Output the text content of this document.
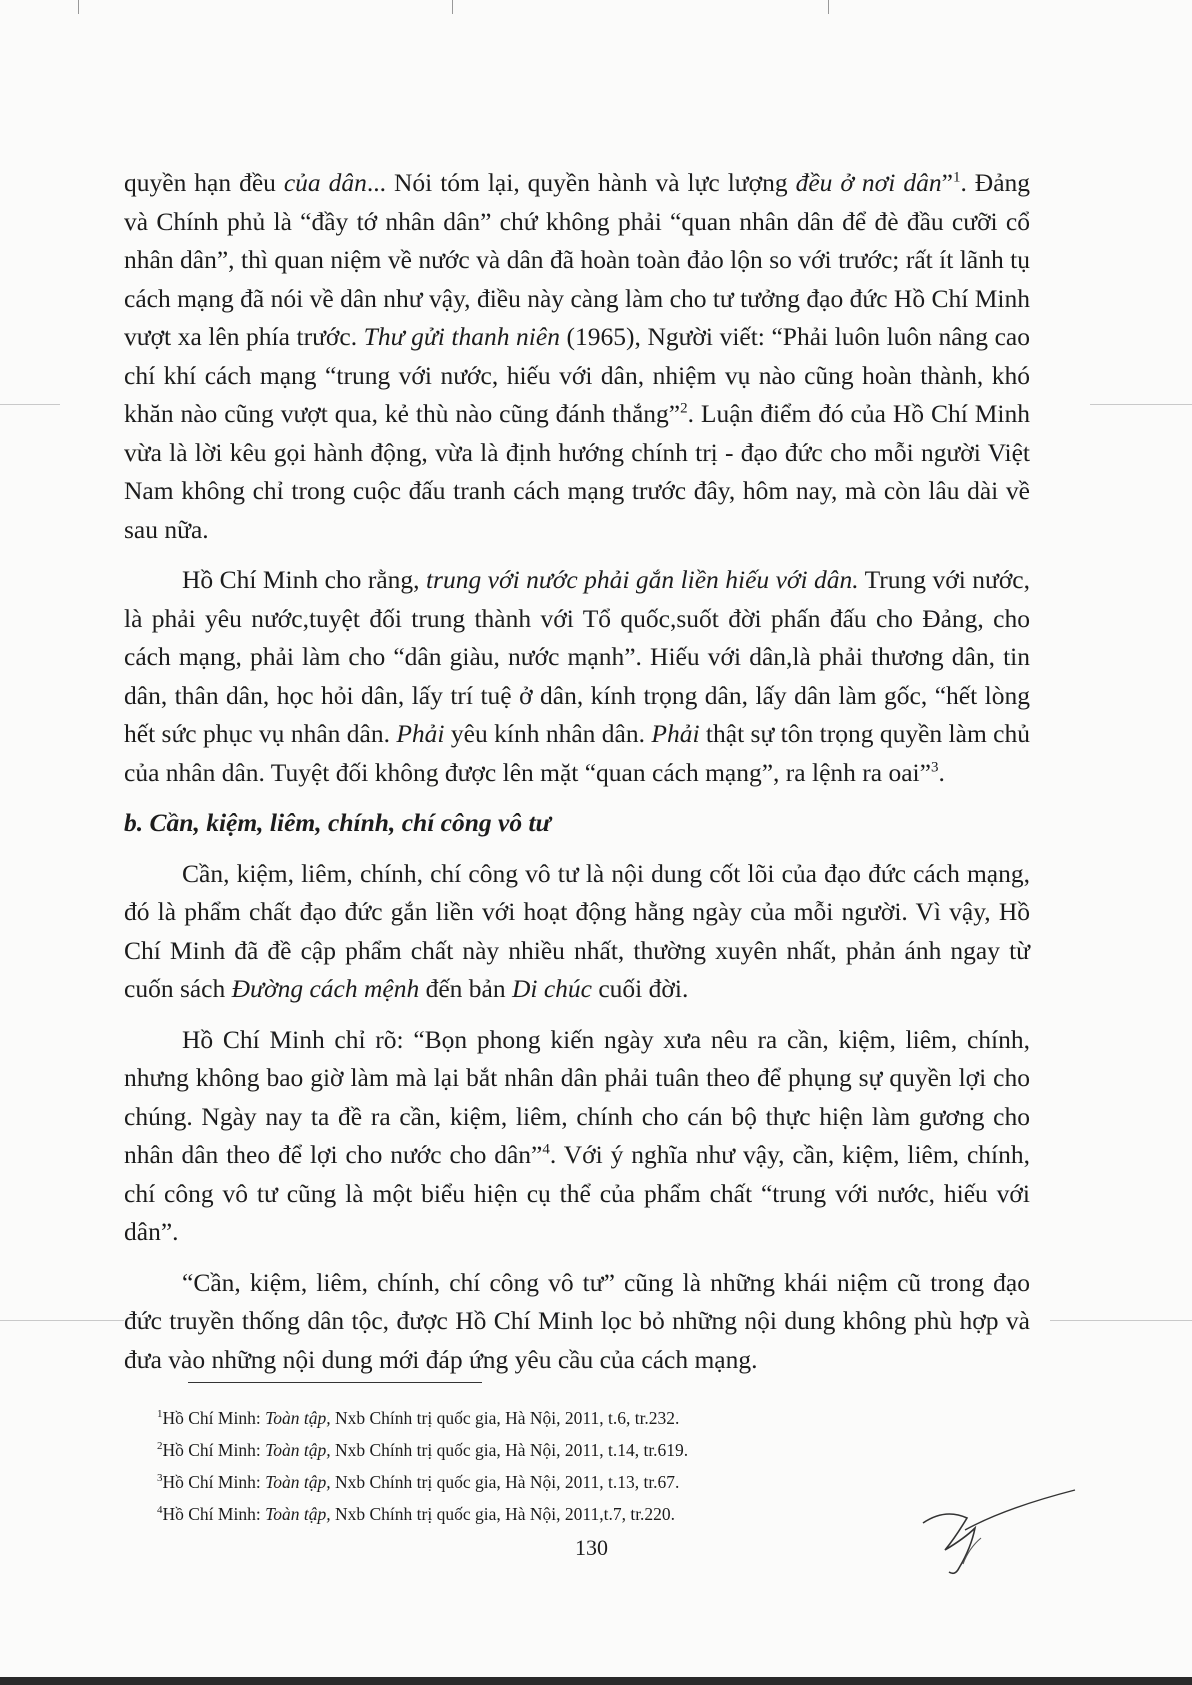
quyền hạn đều của dân... Nói tóm lại, quyền hành và lực lượng đều ở nơi dân”$^1$. Đảng và Chính phủ là “đầy tớ nhân dân” chứ không phải “quan nhân dân để đè đầu cưỡi cổ nhân dân”, thì quan niệm về nước và dân đã hoàn toàn đảo lộn so với trước; rất ít lãnh tụ cách mạng đã nói về dân như vậy, điều này càng làm cho tư tưởng đạo đức Hồ Chí Minh vượt xa lên phía trước. Thư gửi thanh niên (1965), Người viết: “Phải luôn luôn nâng cao chí khí cách mạng “trung với nước, hiếu với dân, nhiệm vụ nào cũng hoàn thành, khó khăn nào cũng vượt qua, kẻ thù nào cũng đánh thắng”$^2$. Luận điểm đó của Hồ Chí Minh vừa là lời kêu gọi hành động, vừa là định hướng chính trị - đạo đức cho mỗi người Việt Nam không chỉ trong cuộc đấu tranh cách mạng trước đây, hôm nay, mà còn lâu dài về sau nữa.

Hồ Chí Minh cho rằng, trung với nước phải gắn liền hiếu với dân. Trung với nước, là phải yêu nước,tuyệt đối trung thành với Tổ quốc,suốt đời phấn đấu cho Đảng, cho cách mạng, phải làm cho “dân giàu, nước mạnh”. Hiếu với dân,là phải thương dân, tin dân, thân dân, học hỏi dân, lấy trí tuệ ở dân, kính trọng dân, lấy dân làm gốc, “hết lòng hết sức phục vụ nhân dân. Phải yêu kính nhân dân. Phải thật sự tôn trọng quyền làm chủ của nhân dân. Tuyệt đối không được lên mặt “quan cách mạng”, ra lệnh ra oai”$^3$.

b. Cần, kiệm, liêm, chính, chí công vô tư

Cần, kiệm, liêm, chính, chí công vô tư là nội dung cốt lõi của đạo đức cách mạng, đó là phẩm chất đạo đức gắn liền với hoạt động hằng ngày của mỗi người. Vì vậy, Hồ Chí Minh đã đề cập phẩm chất này nhiều nhất, thường xuyên nhất, phản ánh ngay từ cuốn sách Đường cách mệnh đến bản Di chúc cuối đời.

Hồ Chí Minh chỉ rõ: “Bọn phong kiến ngày xưa nêu ra cần, kiệm, liêm, chính, nhưng không bao giờ làm mà lại bắt nhân dân phải tuân theo để phụng sự quyền lợi cho chúng. Ngày nay ta đề ra cần, kiệm, liêm, chính cho cán bộ thực hiện làm gương cho nhân dân theo để lợi cho nước cho dân”$^4$. Với ý nghĩa như vậy, cần, kiệm, liêm, chính, chí công vô tư cũng là một biểu hiện cụ thể của phẩm chất “trung với nước, hiếu với dân”.

“Cần, kiệm, liêm, chính, chí công vô tư” cũng là những khái niệm cũ trong đạo đức truyền thống dân tộc, được Hồ Chí Minh lọc bỏ những nội dung không phù hợp và đưa vào những nội dung mới đáp ứng yêu cầu của cách mạng.

$^1$Hồ Chí Minh: Toàn tập, Nxb Chính trị quốc gia, Hà Nội, 2011, t.6, tr.232.

$^2$Hồ Chí Minh: Toàn tập, Nxb Chính trị quốc gia, Hà Nội, 2011, t.14, tr.619.

$^3$Hồ Chí Minh: Toàn tập, Nxb Chính trị quốc gia, Hà Nội, 2011, t.13, tr.67.

$^4$Hồ Chí Minh: Toàn tập, Nxb Chính trị quốc gia, Hà Nội, 2011,t.7, tr.220.

130
